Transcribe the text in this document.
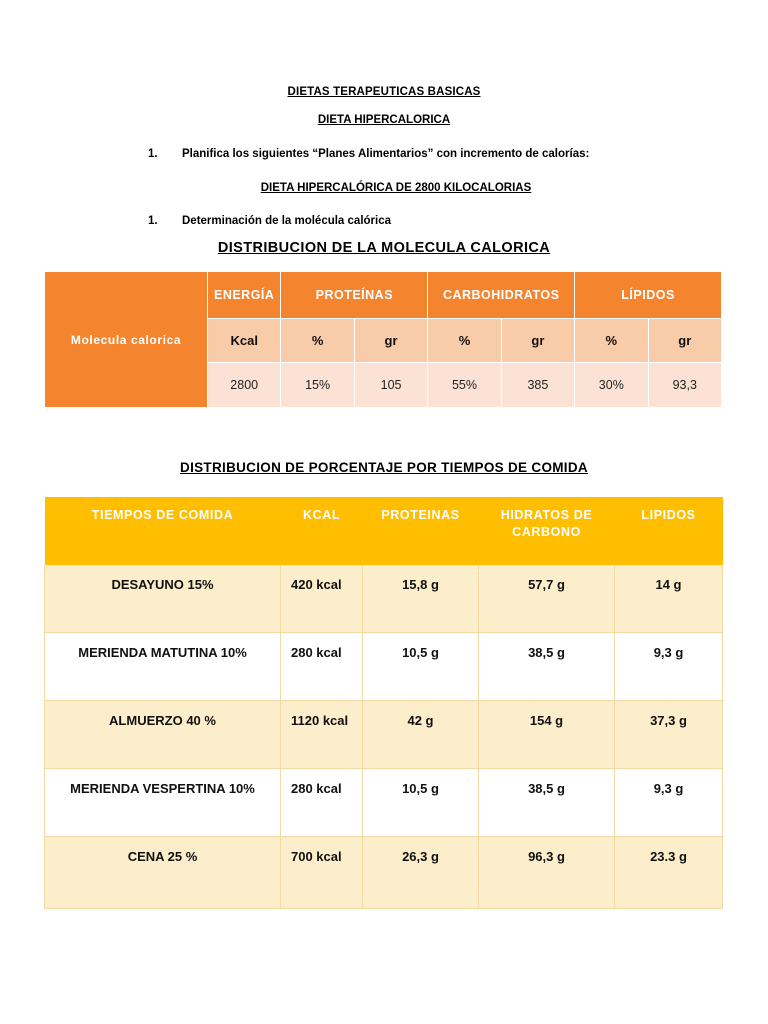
DIETAS TERAPEUTICAS BASICAS
DIETA HIPERCALORICA

1. Planifica los siguientes “Planes Alimentarios” con incremento de calorías:

DIETA HIPERCALÓRICA DE 2800 KILOCALORIAS

1. Determinación de la molécula calórica

DISTRIBUCION DE LA MOLECULA CALORICA
Molecula calorica	ENERGÍA	PROTEÍNAS		CARBOHIDRATOS		LÍPIDOS	
	Kcal	%	gr	%	gr	%	gr
	2800	15%	105	55%	385	30%	93,3
DISTRIBUCION DE PORCENTAJE POR TIEMPOS DE COMIDA
TIEMPOS DE COMIDA	KCAL	PROTEINAS	HIDRATOS DE CARBONO	LIPIDOS
DESAYUNO 15%	420 kcal	15,8 g	57,7 g	14 g
MERIENDA MATUTINA 10%	280 kcal	10,5 g	38,5 g	9,3 g
ALMUERZO 40 %	1120 kcal	42 g	154 g	37,3 g
MERIENDA VESPERTINA 10%	280 kcal	10,5 g	38,5 g	9,3 g
CENA 25 %	700 kcal	26,3 g	96,3 g	23.3 g
